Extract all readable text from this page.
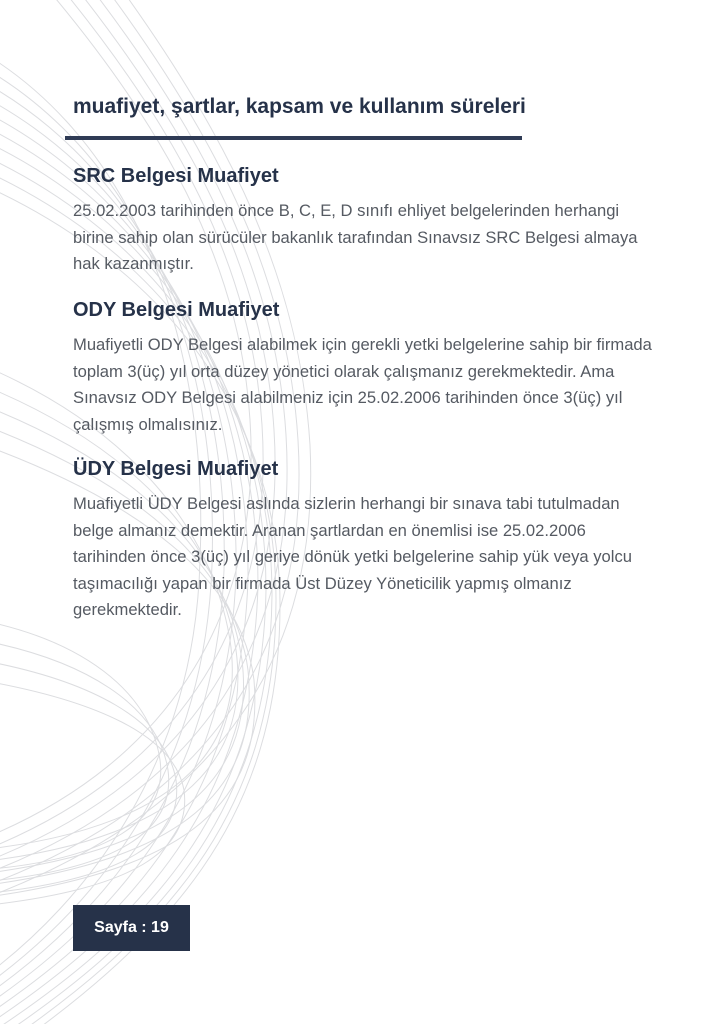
muafiyet, şartlar, kapsam ve kullanım süreleri
SRC Belgesi Muafiyet

25.02.2003 tarihinden önce B, C, E, D sınıfı ehliyet belgelerinden herhangi birine sahip olan sürücüler bakanlık tarafından Sınavsız SRC Belgesi almaya hak kazanmıştır.

ODY Belgesi Muafiyet

Muafiyetli ODY Belgesi alabilmek için gerekli yetki belgelerine sahip bir firmada toplam 3(üç) yıl orta düzey yönetici olarak çalışmanız gerekmektedir. Ama Sınavsız ODY Belgesi alabilmeniz için 25.02.2006 tarihinden önce 3(üç) yıl çalışmış olmalısınız.

ÜDY Belgesi Muafiyet

Muafiyetli ÜDY Belgesi aslında sizlerin herhangi bir sınava tabi tutulmadan belge almanız demektir. Aranan şartlardan en önemlisi ise 25.02.2006 tarihinden önce 3(üç) yıl geriye dönük yetki belgelerine sahip yük veya yolcu taşımacılığı yapan bir firmada Üst Düzey Yöneticilik yapmış olmanız gerekmektedir.

Sayfa : 19
